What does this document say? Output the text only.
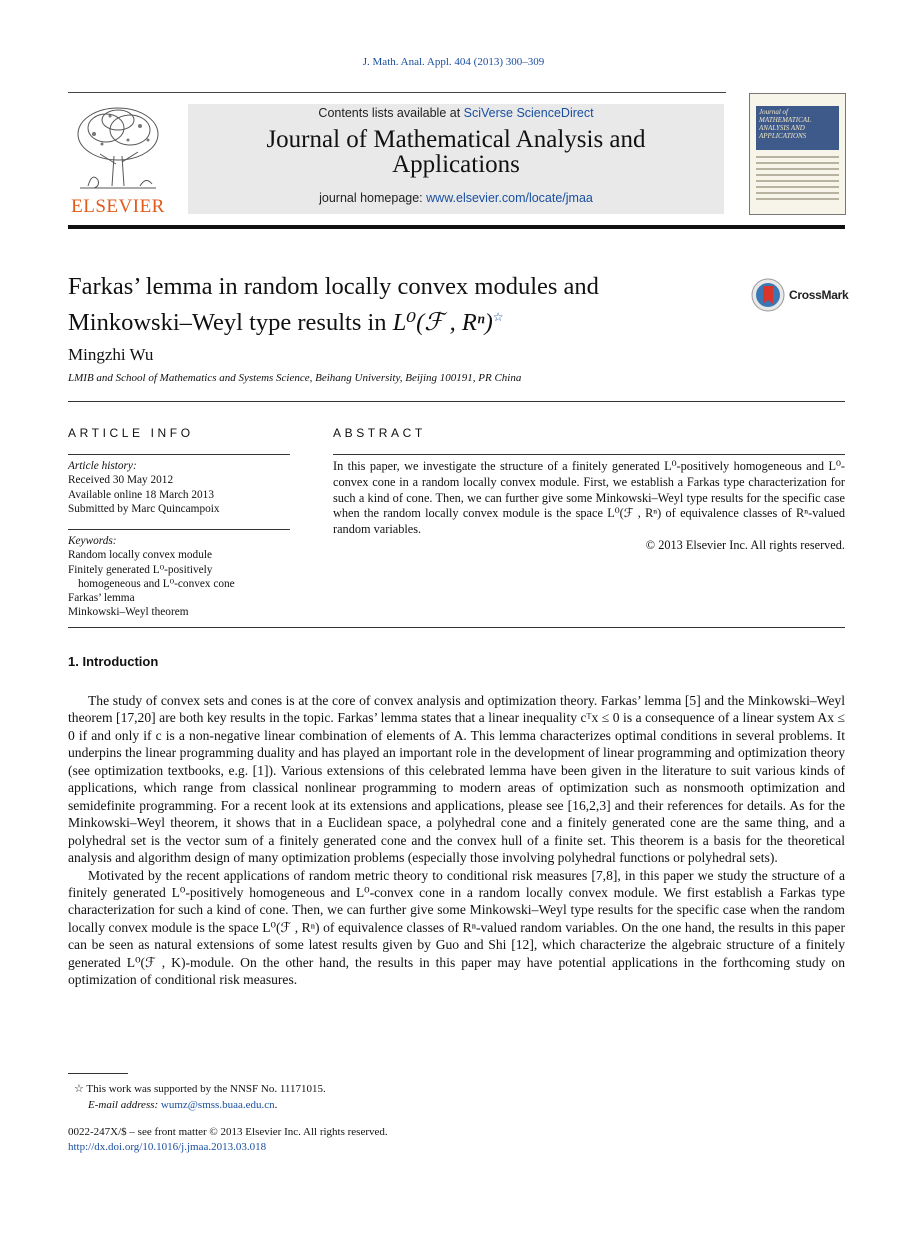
J. Math. Anal. Appl. 404 (2013) 300–309
ELSEVIER
Contents lists available at SciVerse ScienceDirect
Journal of Mathematical Analysis and
Applications
journal homepage: www.elsevier.com/locate/jmaa
Journal of MATHEMATICAL ANALYSIS AND APPLICATIONS
Farkas’ lemma in random locally convex modules and
Minkowski–Weyl type results in L⁰(ℱ , Rⁿ)☆
CrossMark
Mingzhi Wu
LMIB and School of Mathematics and Systems Science, Beihang University, Beijing 100191, PR China
ARTICLE INFO
Article history:
Received 30 May 2012
Available online 18 March 2013
Submitted by Marc Quincampoix
Keywords:
Random locally convex module
Finitely generated L⁰-positively
homogeneous and L⁰-convex cone
Farkas’ lemma
Minkowski–Weyl theorem
ABSTRACT
In this paper, we investigate the structure of a finitely generated L⁰-positively homogeneous and L⁰-convex cone in a random locally convex module. First, we establish a Farkas type characterization for such a kind of cone. Then, we can further give some Minkowski–Weyl type results for the specific case when the random locally convex module is the space L⁰(ℱ , Rⁿ) of equivalence classes of Rⁿ-valued random variables.
© 2013 Elsevier Inc. All rights reserved.
1. Introduction

The study of convex sets and cones is at the core of convex analysis and optimization theory. Farkas’ lemma [5] and the Minkowski–Weyl theorem [17,20] are both key results in the topic. Farkas’ lemma states that a linear inequality cᵀx ≤ 0 is a consequence of a linear system Ax ≤ 0 if and only if c is a non-negative linear combination of elements of A. This lemma characterizes optimal conditions in several problems. It underpins the linear programming duality and has played an important role in the development of linear programming and optimization theory (see optimization textbooks, e.g. [1]). Various extensions of this celebrated lemma have been given in the literature to suit various kinds of applications, which range from classical nonlinear programming to modern areas of optimization such as nonsmooth optimization and semidefinite programming. For a recent look at its extensions and applications, please see [16,2,3] and their references for details. As for the Minkowski–Weyl theorem, it shows that in a Euclidean space, a polyhedral cone and a finitely generated cone are the same thing, and a polyhedral set is the vector sum of a finitely generated cone and the convex hull of a finite set. This theorem is a basis for the theoretical analysis and algorithm design of many optimization problems (especially those involving polyhedral functions or polyhedral sets).

Motivated by the recent applications of random metric theory to conditional risk measures [7,8], in this paper we study the structure of a finitely generated L⁰-positively homogeneous and L⁰-convex cone in a random locally convex module. We first establish a Farkas type characterization for such a kind of cone. Then, we can further give some Minkowski–Weyl type results for the specific case when the random locally convex module is the space L⁰(ℱ , Rⁿ) of equivalence classes of Rⁿ-valued random variables. On the one hand, the results in this paper can be seen as natural extensions of some latest results given by Guo and Shi [12], which characterize the algebraic structure of a finitely generated L⁰(ℱ , K)-module. On the other hand, the results in this paper may have potential applications in the forthcoming study on optimization of conditional risk measures.

☆ This work was supported by the NNSF No. 11171015.
E-mail address: wumz@smss.buaa.edu.cn.
0022-247X/$ – see front matter © 2013 Elsevier Inc. All rights reserved.
http://dx.doi.org/10.1016/j.jmaa.2013.03.018
